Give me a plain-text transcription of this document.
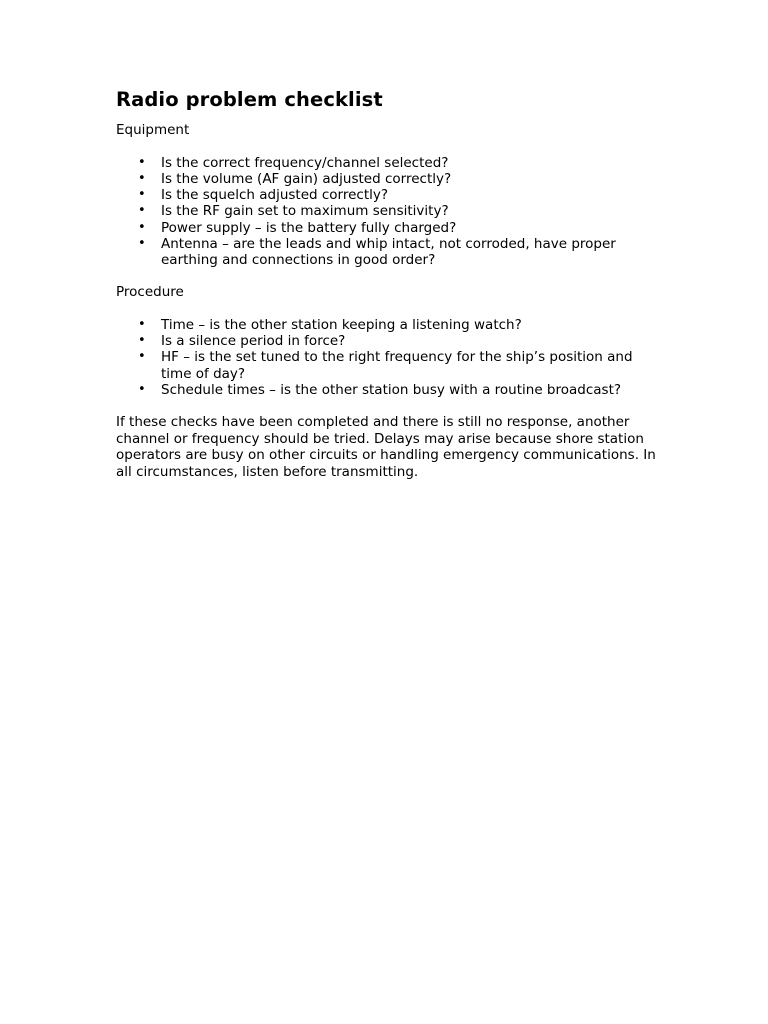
Radio problem checklist

Equipment

• Is the correct frequency/channel selected?
• Is the volume (AF gain) adjusted correctly?
• Is the squelch adjusted correctly?
• Is the RF gain set to maximum sensitivity?
• Power supply – is the battery fully charged?
• Antenna – are the leads and whip intact, not corroded, have proper earthing and connections in good order?

Procedure

• Time – is the other station keeping a listening watch?
• Is a silence period in force?
• HF – is the set tuned to the right frequency for the ship’s position and time of day?
• Schedule times – is the other station busy with a routine broadcast?

If these checks have been completed and there is still no response, another channel or frequency should be tried. Delays may arise because shore station operators are busy on other circuits or handling emergency communications. In all circumstances, listen before transmitting.
